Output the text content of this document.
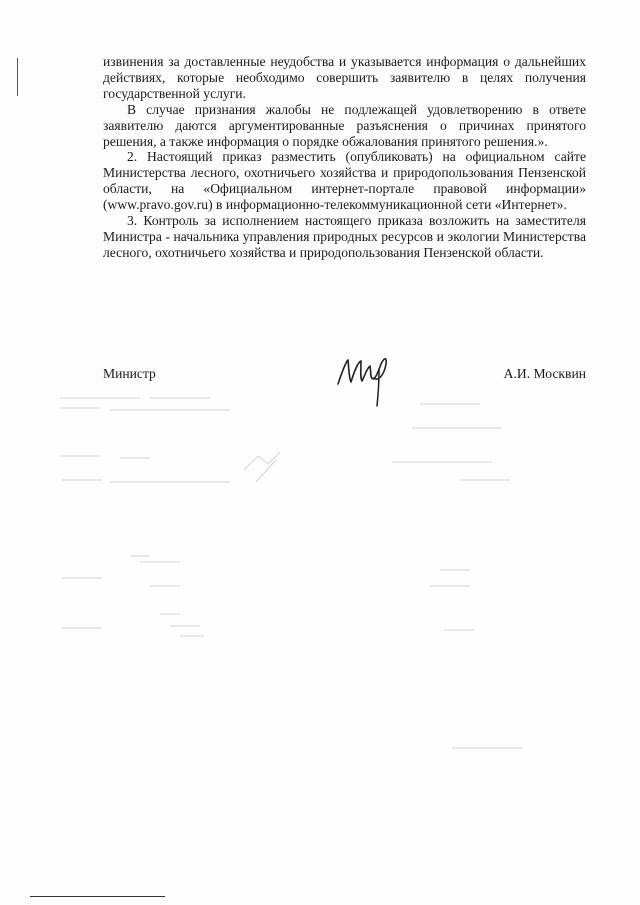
извинения за доставленные неудобства и указывается информация о дальнейших действиях, которые необходимо совершить заявителю в целях получения государственной услуги.

В случае признания жалобы не подлежащей удовлетворению в ответе заявителю даются аргументированные разъяснения о причинах принятого решения, а также информация о порядке обжалования принятого решения.».

2. Настоящий приказ разместить (опубликовать) на официальном сайте Министерства лесного, охотничьего хозяйства и природопользования Пензенской области, на «Официальном интернет-портале правовой информации» (www.pravo.gov.ru) в информационно-телекоммуникационной сети «Интернет».

3. Контроль за исполнением настоящего приказа возложить на заместителя Министра - начальника управления природных ресурсов и экологии Министерства лесного, охотничьего хозяйства и природопользования Пензенской области.

Министр	А.И. Москвин
